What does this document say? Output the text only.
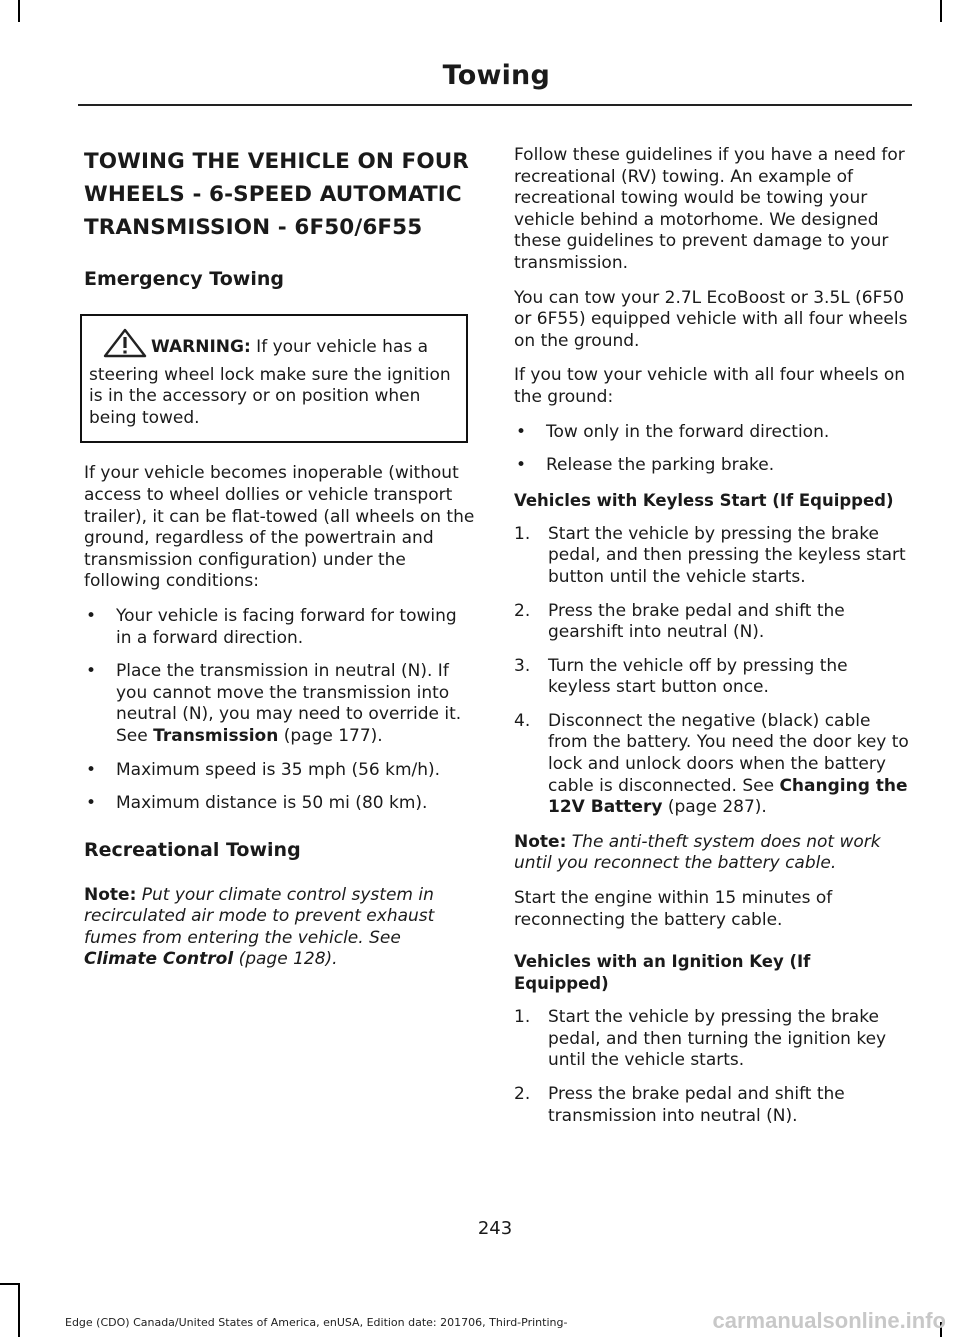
Towing
TOWING THE VEHICLE ON FOUR WHEELS - 6-SPEED AUTOMATIC TRANSMISSION - 6F50/6F55
Emergency Towing
WARNING: If your vehicle has a steering wheel lock make sure the ignition is in the accessory or on position when being towed.

If your vehicle becomes inoperable (without access to wheel dollies or vehicle transport trailer), it can be flat-towed (all wheels on the ground, regardless of the powertrain and transmission configuration) under the following conditions:

• Your vehicle is facing forward for towing in a forward direction.
• Place the transmission in neutral (N). If you cannot move the transmission into neutral (N), you may need to override it. See Transmission (page 177).
• Maximum speed is 35 mph (56 km/h).
• Maximum distance is 50 mi (80 km).
Recreational Towing

Note: Put your climate control system in recirculated air mode to prevent exhaust fumes from entering the vehicle. See Climate Control (page 128).

Follow these guidelines if you have a need for recreational (RV) towing. An example of recreational towing would be towing your vehicle behind a motorhome. We designed these guidelines to prevent damage to your transmission.

You can tow your 2.7L EcoBoost or 3.5L (6F50 or 6F55) equipped vehicle with all four wheels on the ground.

If you tow your vehicle with all four wheels on the ground:

• Tow only in the forward direction.
• Release the parking brake.
Vehicles with Keyless Start (If Equipped)
1. Start the vehicle by pressing the brake pedal, and then pressing the keyless start button until the vehicle starts.
2. Press the brake pedal and shift the gearshift into neutral (N).
3. Turn the vehicle off by pressing the keyless start button once.
4. Disconnect the negative (black) cable from the battery. You need the door key to lock and unlock doors when the battery cable is disconnected. See Changing the 12V Battery (page 287).

Note: The anti-theft system does not work until you reconnect the battery cable.

Start the engine within 15 minutes of reconnecting the battery cable.

Vehicles with an Ignition Key (If Equipped)
1. Start the vehicle by pressing the brake pedal, and then turning the ignition key until the vehicle starts.
2. Press the brake pedal and shift the transmission into neutral (N).
243
Edge (CDO) Canada/United States of America, enUSA, Edition date: 201706, Third-Printing-	carmanualsonline.info
